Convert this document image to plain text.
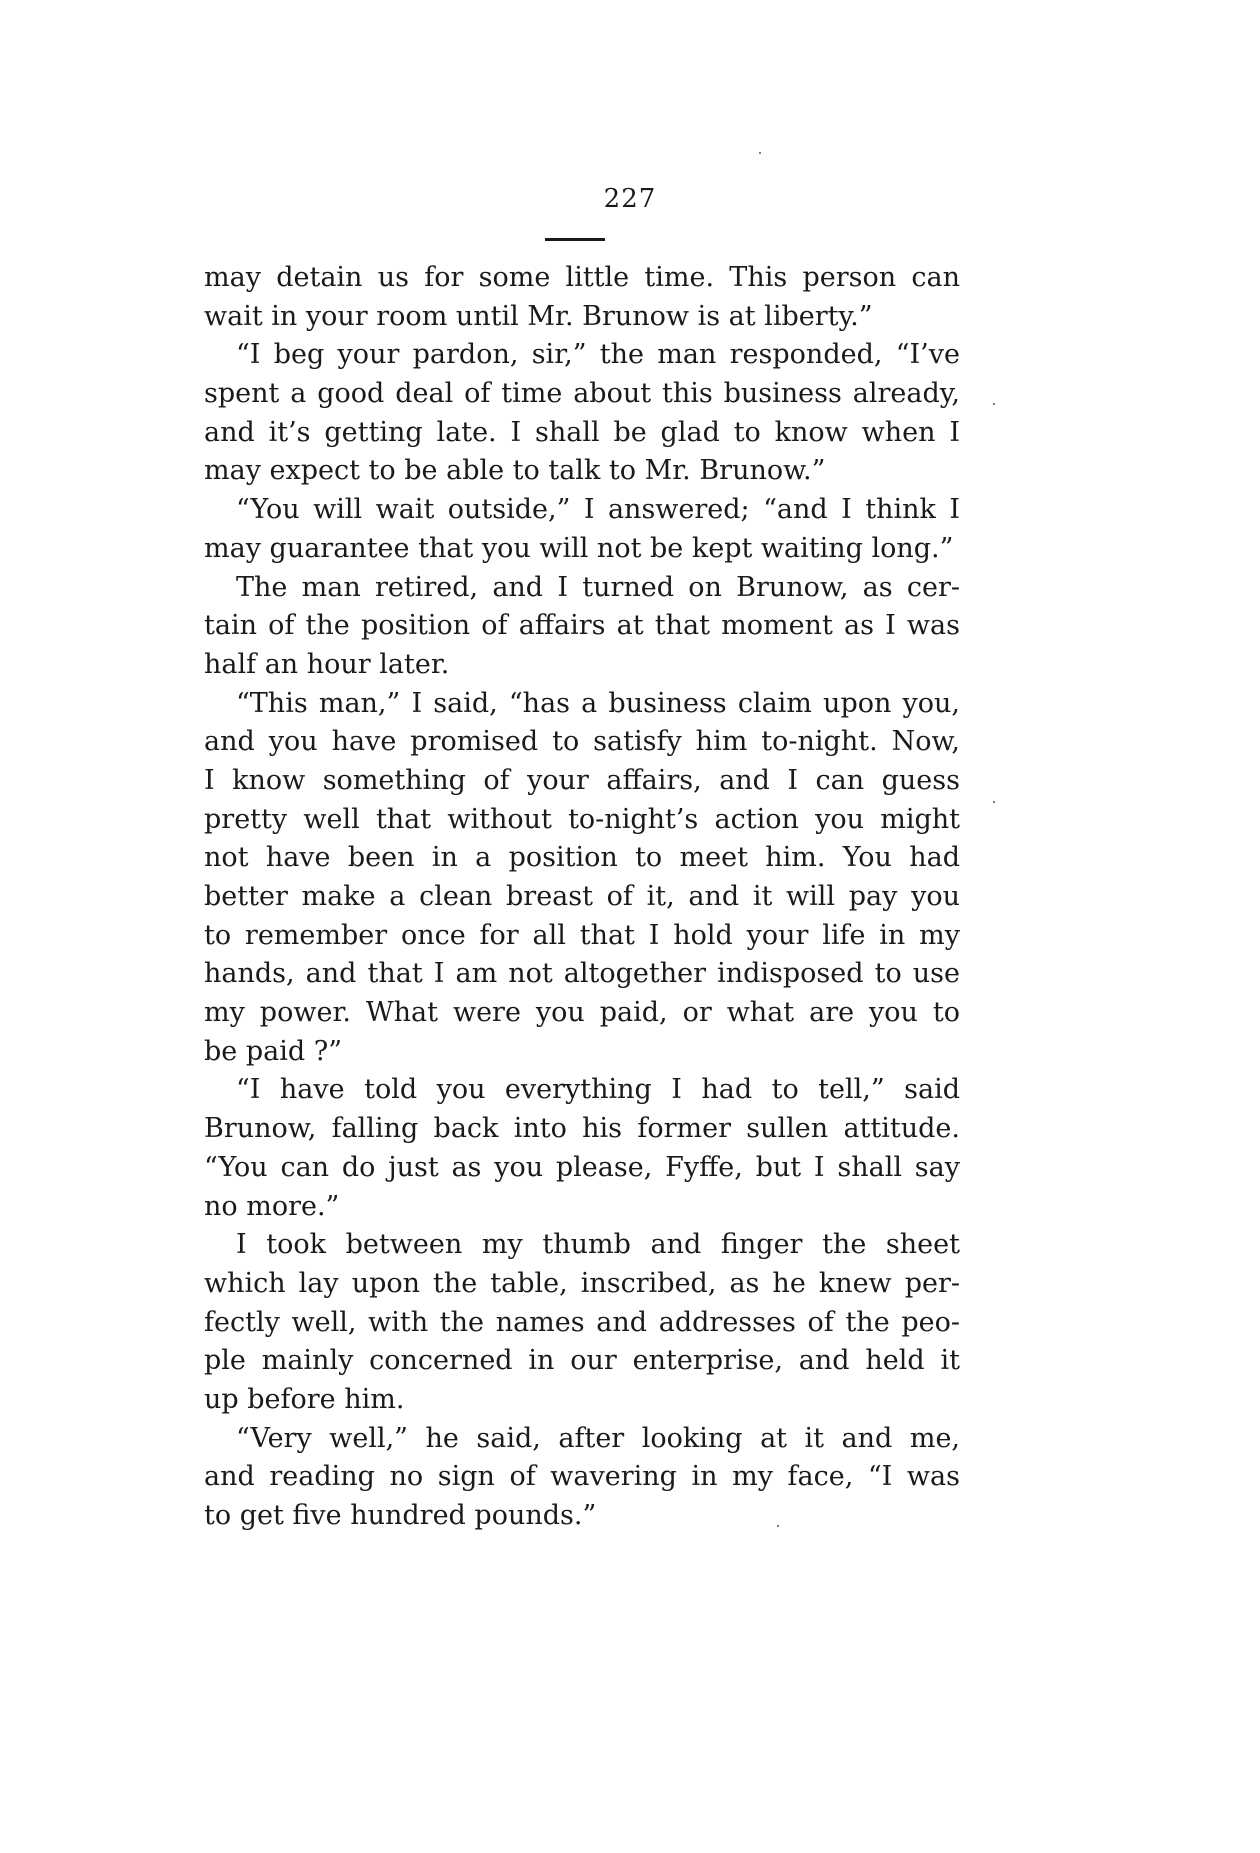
227
may detain us for some little time. This person can
wait in your room until Mr. Brunow is at liberty.”
“I beg your pardon, sir,” the man responded, “I’ve
spent a good deal of time about this business already,
and it’s getting late. I shall be glad to know when I
may expect to be able to talk to Mr. Brunow.”
“You will wait outside,” I answered; “and I think I
may guarantee that you will not be kept waiting long.”
The man retired, and I turned on Brunow, as cer-
tain of the position of affairs at that moment as I was
half an hour later.
“This man,” I said, “has a business claim upon you,
and you have promised to satisfy him to-night. Now,
I know something of your affairs, and I can guess
pretty well that without to-night’s action you might
not have been in a position to meet him. You had
better make a clean breast of it, and it will pay you
to remember once for all that I hold your life in my
hands, and that I am not altogether indisposed to use
my power. What were you paid, or what are you to
be paid ?”
“I have told you everything I had to tell,” said
Brunow, falling back into his former sullen attitude.
“You can do just as you please, Fyffe, but I shall say
no more.”
I took between my thumb and finger the sheet
which lay upon the table, inscribed, as he knew per-
fectly well, with the names and addresses of the peo-
ple mainly concerned in our enterprise, and held it
up before him.
“Very well,” he said, after looking at it and me,
and reading no sign of wavering in my face, “I was
to get five hundred pounds.”
